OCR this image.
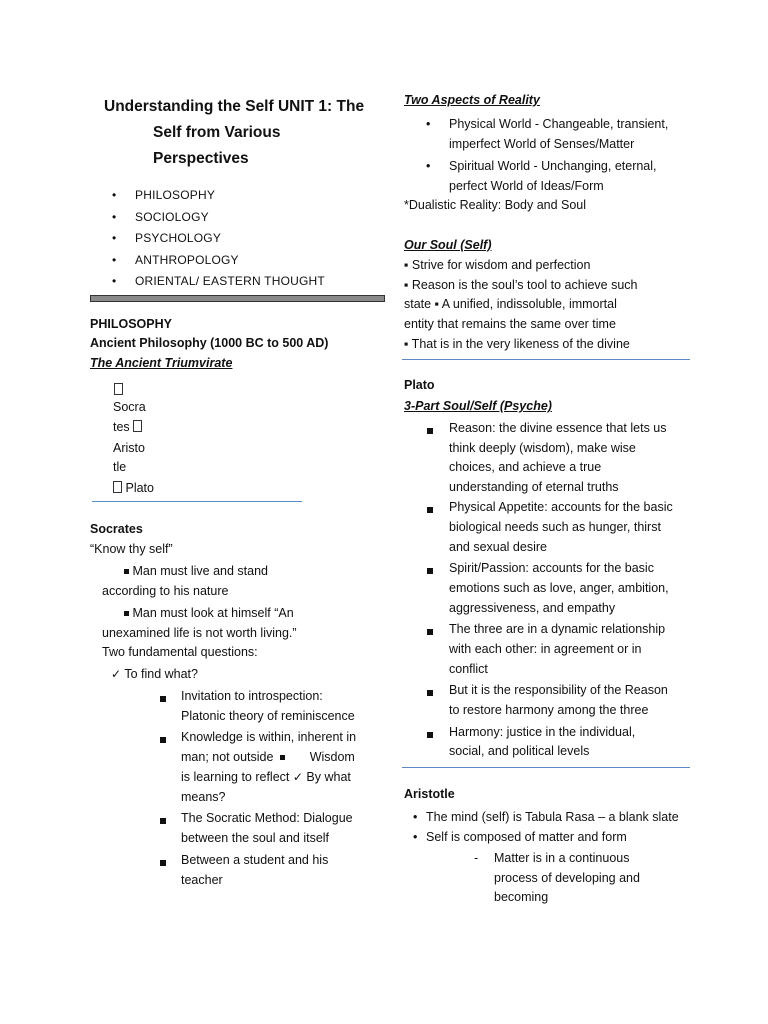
Understanding the Self UNIT 1: The

Self from Various
Perspectives
• PHILOSOPHY
• SOCIOLOGY
• PSYCHOLOGY
• ANTHROPOLOGY
• ORIENTAL/ EASTERN THOUGHT
PHILOSOPHY
Ancient Philosophy (1000 BC to 500 AD)
The Ancient Triumvirate
Socra
tes
Aristo
tle
Plato
Socrates
“Know thy self”
Man must live and stand
according to his nature
Man must look at himself “An
unexamined life is not worth living.”
Two fundamental questions:
✓ To find what?
Invitation to introspection:
Platonic theory of reminiscence
Knowledge is within, inherent in
man; not outside	Wisdom
is learning to reflect ✓ By what
means?
The Socratic Method: Dialogue
between the soul and itself
Between a student and his
teacher
Two Aspects of Reality
• Physical World - Changeable, transient,
imperfect World of Senses/Matter
• Spiritual World - Unchanging, eternal,
perfect World of Ideas/Form
*Dualistic Reality: Body and Soul
Our Soul (Self)
▪ Strive for wisdom and perfection
▪ Reason is the soul’s tool to achieve such
state ▪ A unified, indissoluble, immortal
entity that remains the same over time
▪ That is in the very likeness of the divine
Plato
3-Part Soul/Self (Psyche)
Reason: the divine essence that lets us
think deeply (wisdom), make wise
choices, and achieve a true
understanding of eternal truths
Physical Appetite: accounts for the basic
biological needs such as hunger, thirst
and sexual desire
Spirit/Passion: accounts for the basic
emotions such as love, anger, ambition,
aggressiveness, and empathy
The three are in a dynamic relationship
with each other: in agreement or in
conflict
But it is the responsibility of the Reason
to restore harmony among the three
Harmony: justice in the individual,
social, and political levels
Aristotle
• The mind (self) is Tabula Rasa – a blank slate
• Self is composed of matter and form
- Matter is in a continuous
process of developing and
becoming
